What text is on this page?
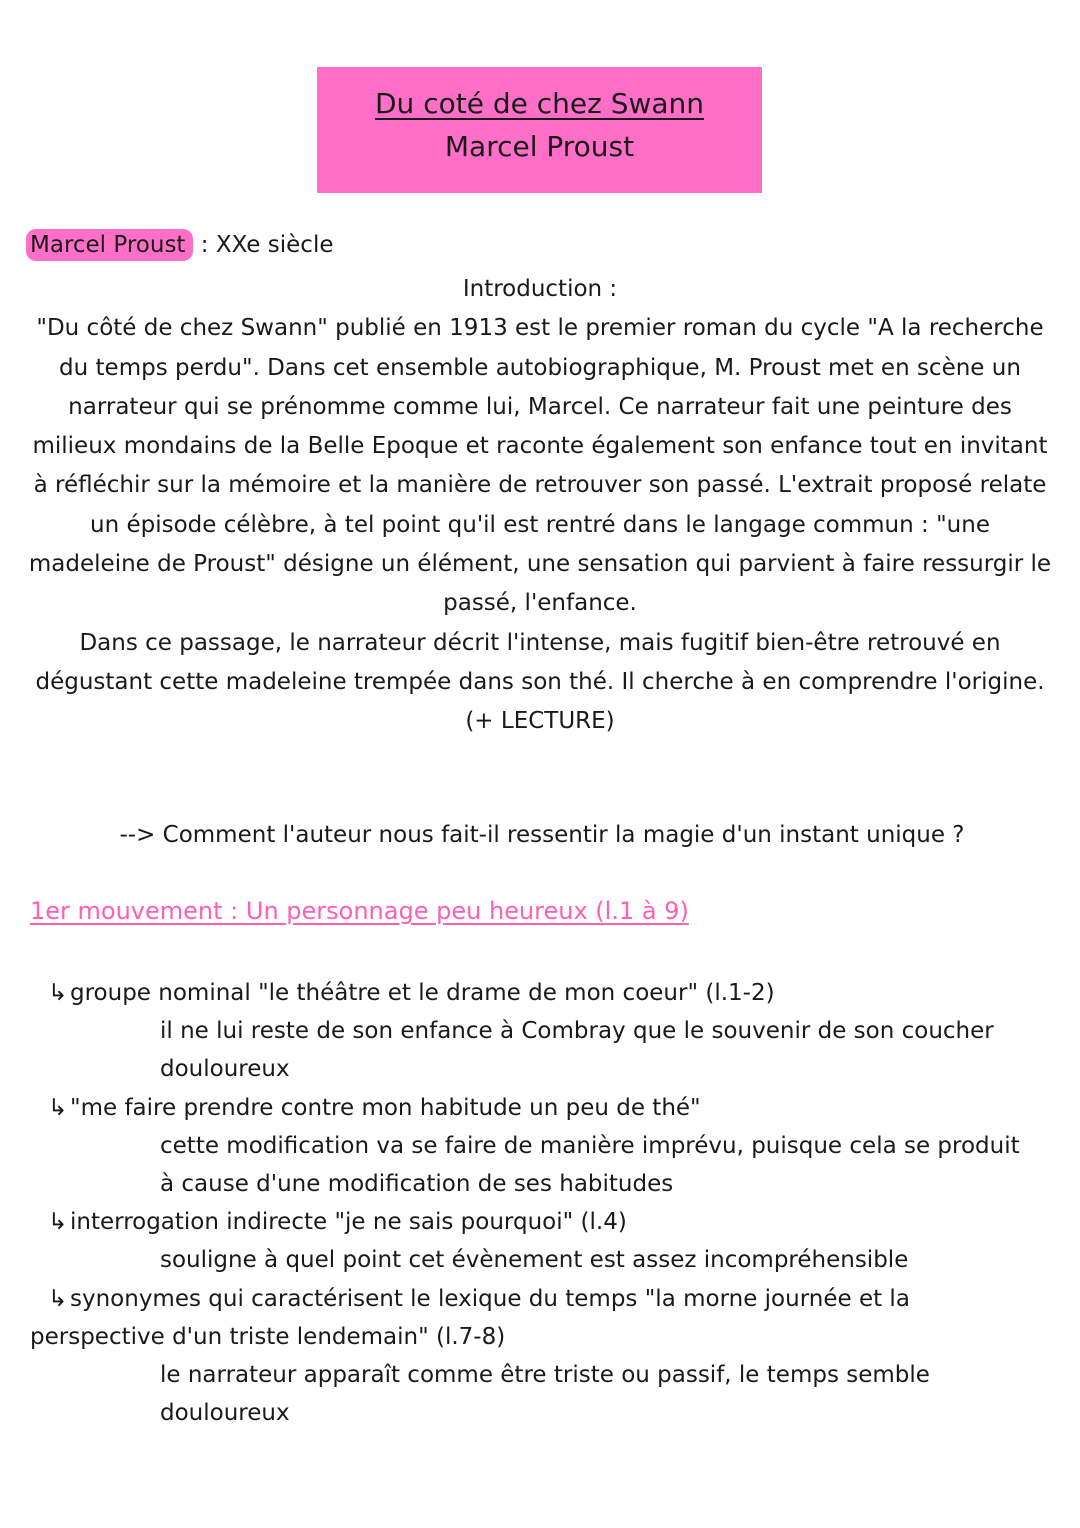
Du coté de chez Swann
Marcel Proust
Marcel Proust : XXe siècle

Introduction :

"Du côté de chez Swann" publié en 1913 est le premier roman du cycle "A la recherche du temps perdu". Dans cet ensemble autobiographique, M. Proust met en scène un narrateur qui se prénomme comme lui, Marcel. Ce narrateur fait une peinture des milieux mondains de la Belle Epoque et raconte également son enfance tout en invitant à réfléchir sur la mémoire et la manière de retrouver son passé. L'extrait proposé relate un épisode célèbre, à tel point qu'il est rentré dans le langage commun : "une madeleine de Proust" désigne un élément, une sensation qui parvient à faire ressurgir le passé, l'enfance.

Dans ce passage, le narrateur décrit l'intense, mais fugitif bien-être retrouvé en dégustant cette madeleine trempée dans son thé. Il cherche à en comprendre l'origine. (+ LECTURE)

--> Comment l'auteur nous fait-il ressentir la magie d'un instant unique ?
1er mouvement : Un personnage peu heureux (l.1 à 9)

↳ groupe nominal "le théâtre et le drame de mon coeur" (l.1-2)

il ne lui reste de son enfance à Combray que le souvenir de son coucher douloureux

↳ "me faire prendre contre mon habitude un peu de thé"

cette modification va se faire de manière imprévu, puisque cela se produit à cause d'une modification de ses habitudes

↳ interrogation indirecte "je ne sais pourquoi" (l.4)

souligne à quel point cet évènement est assez incompréhensible

↳ synonymes qui caractérisent le lexique du temps "la morne journée et la perspective d'un triste lendemain" (l.7-8)

le narrateur apparaît comme être triste ou passif, le temps semble douloureux
